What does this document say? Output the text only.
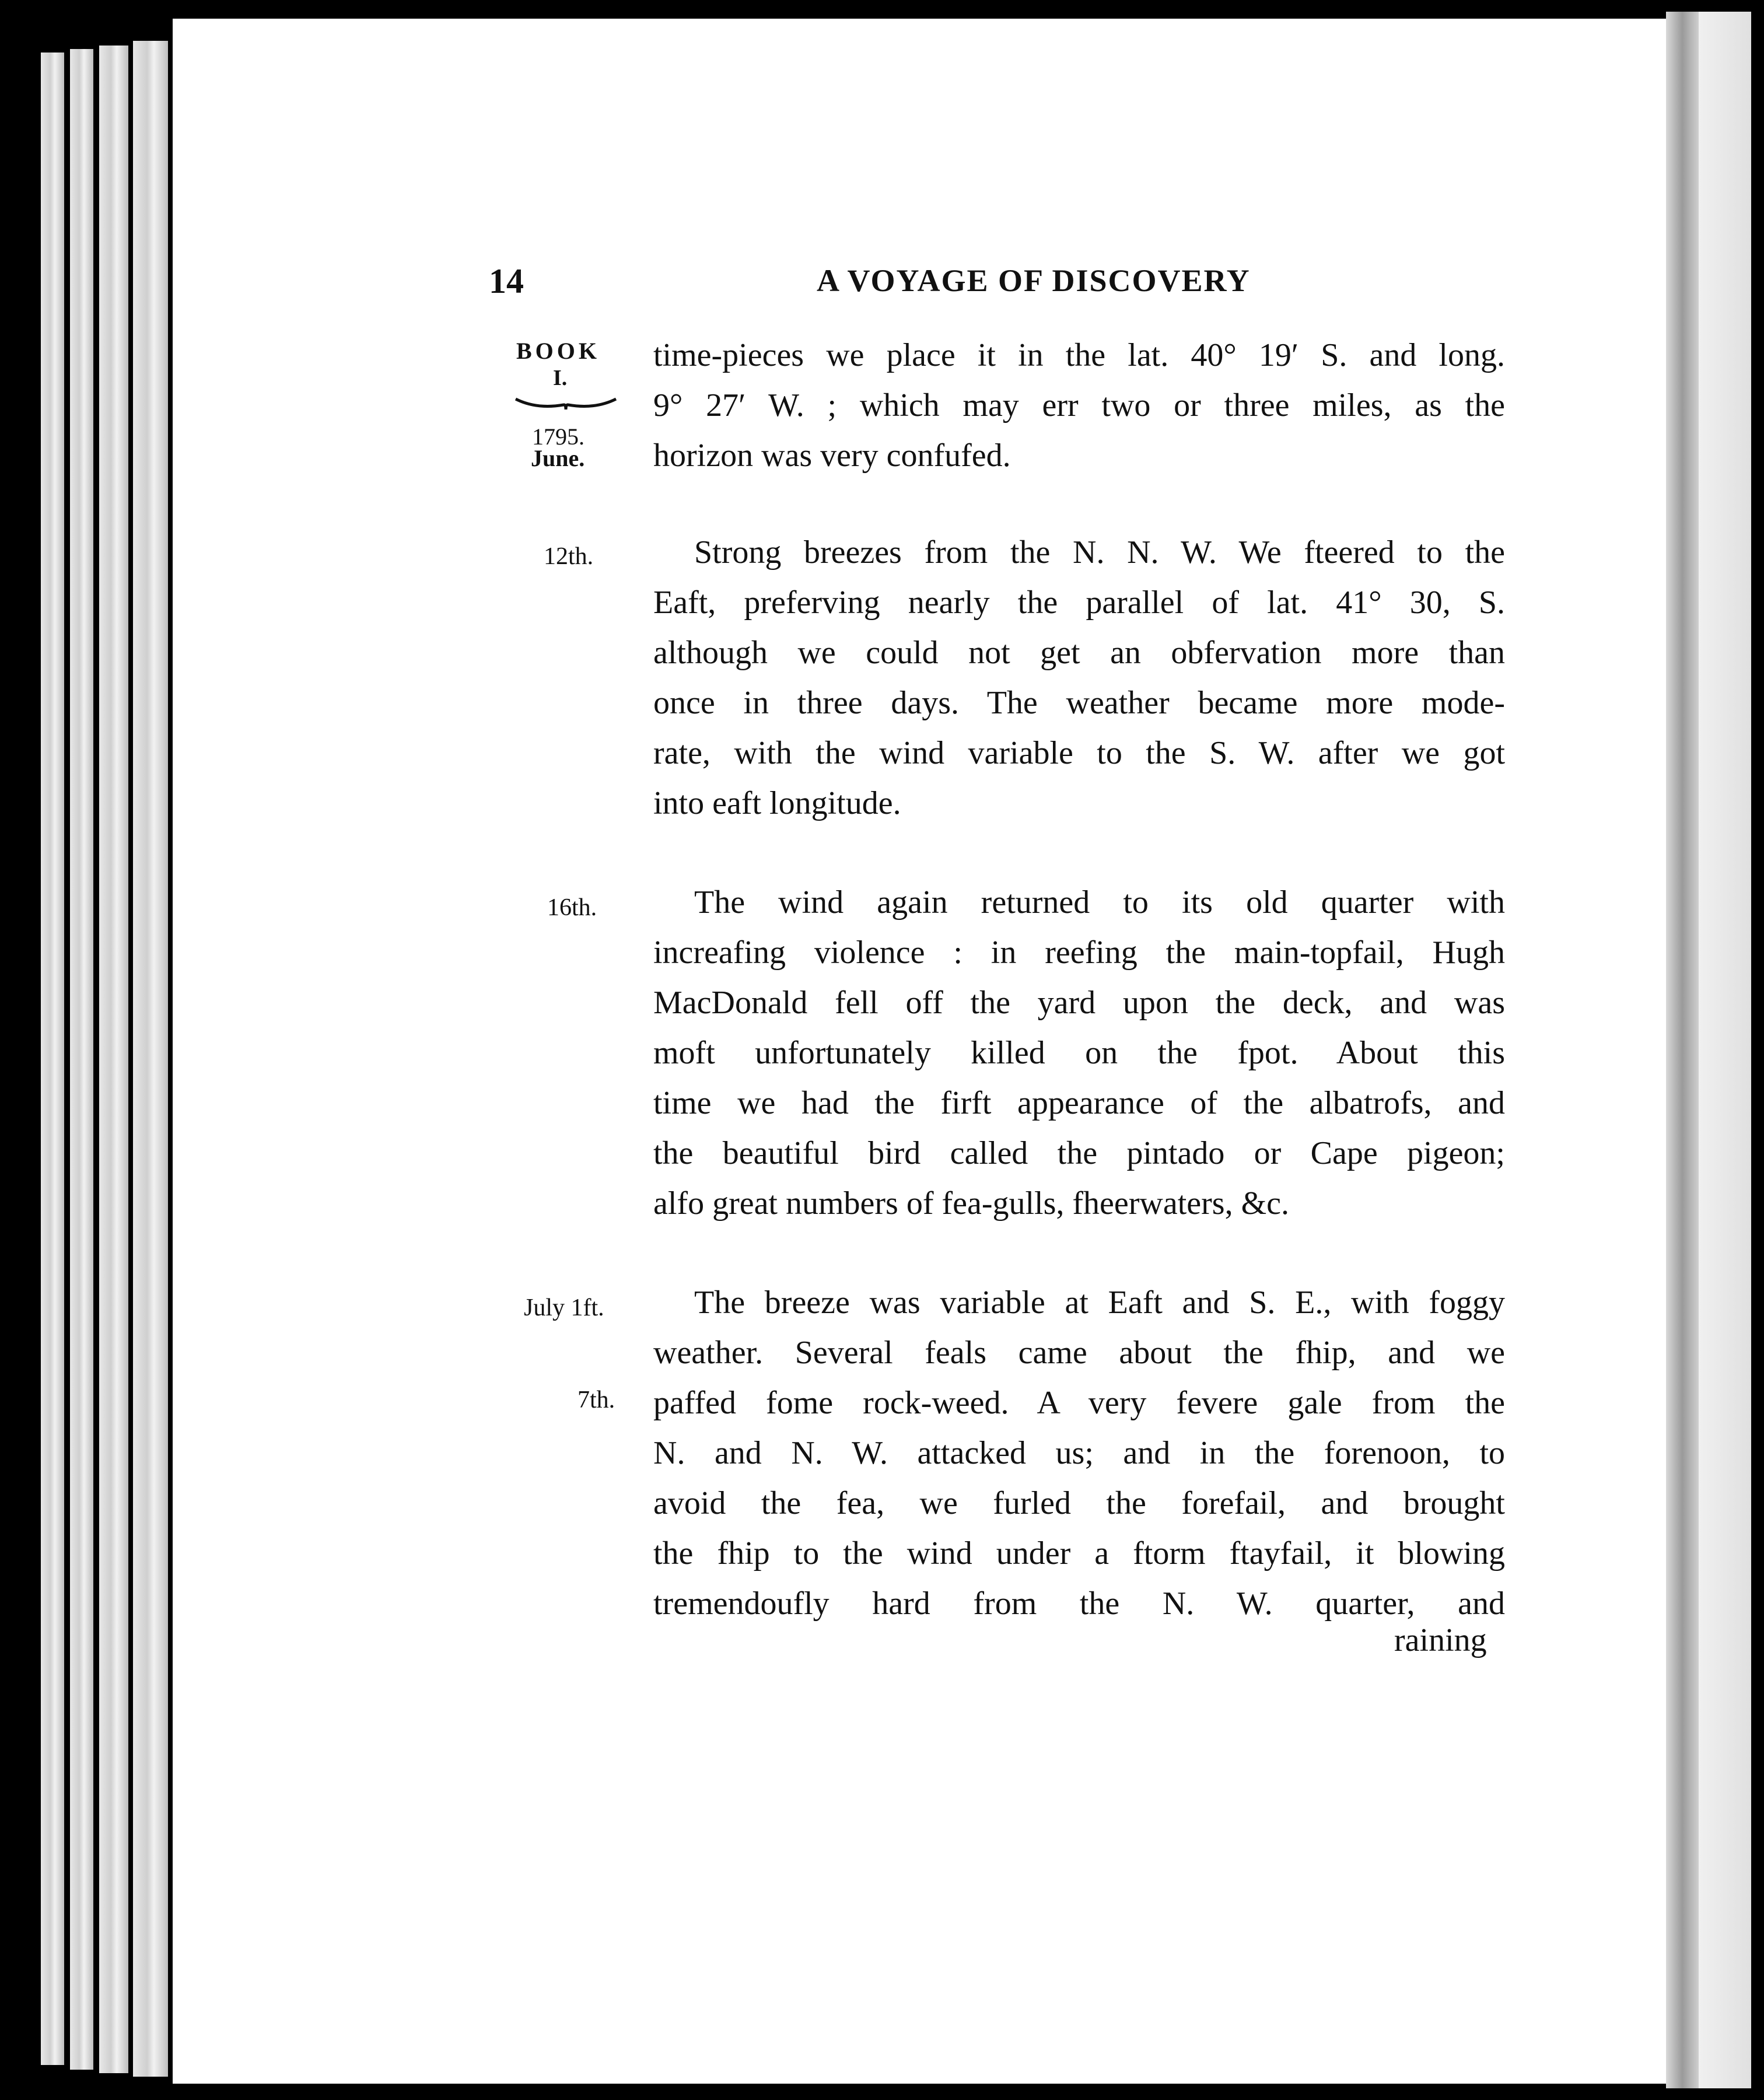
14	A VOYAGE OF DISCOVERY
BOOK
I.
1795.
June.
12th.
16th.
July 1ft.
7th.
time-pieces we place it in the lat. 40° 19′ S. and long.
9° 27′ W. ; which may err two or three miles, as the
horizon was very confufed.
Strong breezes from the N. N. W. We fteered to the
Eaft, preferving nearly the parallel of lat. 41° 30, S.
although we could not get an obfervation more than
once in three days. The weather became more mode-
rate, with the wind variable to the S. W. after we got
into eaft longitude.
The wind again returned to its old quarter with
increafing violence : in reefing the main-topfail, Hugh
MacDonald fell off the yard upon the deck, and was
moft unfortunately killed on the fpot. About this
time we had the firft appearance of the albatrofs, and
the beautiful bird called the pintado or Cape pigeon;
alfo great numbers of fea-gulls, fheerwaters, &c.
The breeze was variable at Eaft and S. E., with foggy
weather. Several feals came about the fhip, and we
paffed fome rock-weed. A very fevere gale from the
N. and N. W. attacked us; and in the forenoon, to
avoid the fea, we furled the forefail, and brought
the fhip to the wind under a ftorm ftayfail, it blowing
tremendoufly hard from the N. W. quarter, and
raining
